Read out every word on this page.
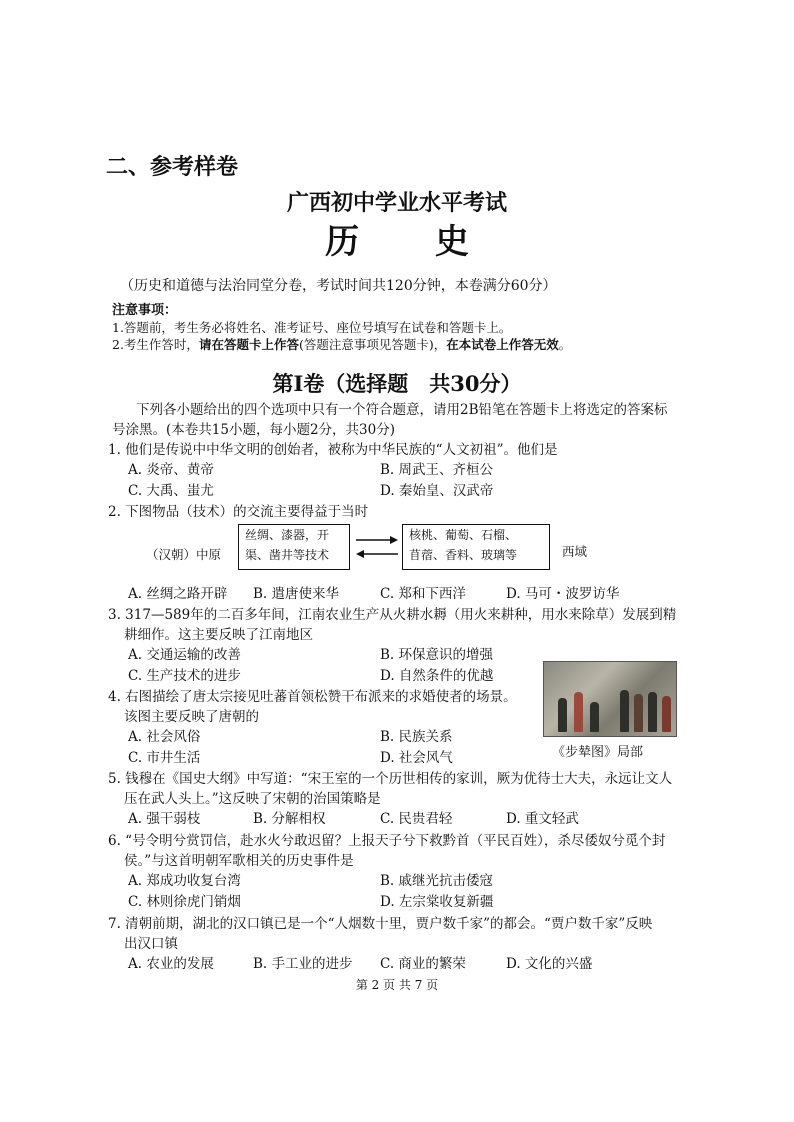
二、参考样卷
广西初中学业水平考试
历 史
（历史和道德与法治同堂分卷，考试时间共120分钟，本卷满分60分）
注意事项：
1.答题前，考生务必将姓名、准考证号、座位号填写在试卷和答题卡上。
2.考生作答时，请在答题卡上作答(答题注意事项见答题卡)，在本试卷上作答无效。
第Ⅰ卷（选择题　共30分）
下列各小题给出的四个选项中只有一个符合题意，请用2B铅笔在答题卡上将选定的答案标
号涂黑。(本卷共15小题，每小题2分，共30分)
1. 他们是传说中中华文明的创始者，被称为中华民族的“人文初祖”。他们是
A. 炎帝、黄帝	B. 周武王、齐桓公
C. 大禹、蚩尤	D. 秦始皇、汉武帝
2. 下图物品（技术）的交流主要得益于当时
（汉朝）中原
丝绸、漆器，开
渠、凿井等技术
核桃、葡萄、石榴、
苜蓿、香料、玻璃等	西域
A. 丝绸之路开辟 B. 遣唐使来华	C. 郑和下西洋	D. 马可・波罗访华
3. 317—589年的二百多年间，江南农业生产从火耕水耨（用火来耕种，用水来除草）发展到精
耕细作。这主要反映了江南地区
A. 交通运输的改善	B. 环保意识的增强
C. 生产技术的进步	D. 自然条件的优越
4. 右图描绘了唐太宗接见吐蕃首领松赞干布派来的求婚使者的场景。
该图主要反映了唐朝的
A. 社会风俗	B. 民族关系
C. 市井生活	D. 社会风气	《步辇图》局部
5. 钱穆在《国史大纲》中写道：“宋王室的一个历世相传的家训，厥为优待士大夫，永远让文人
压在武人头上。”这反映了宋朝的治国策略是
A. 强干弱枝	B. 分解相权	C. 民贵君轻	D. 重文轻武
6. “号令明兮赏罚信，赴水火兮敢迟留？上报天子兮下救黔首（平民百姓），杀尽倭奴兮觅个封
侯。”与这首明朝军歌相关的历史事件是
A. 郑成功收复台湾	B. 戚继光抗击倭寇
C. 林则徐虎门销烟	D. 左宗棠收复新疆
7. 清朝前期，湖北的汉口镇已是一个“人烟数十里，贾户数千家”的都会。“贾户数千家”反映
出汉口镇
A. 农业的发展	B. 手工业的进步 C. 商业的繁荣	D. 文化的兴盛
第 2 页 共 7 页
